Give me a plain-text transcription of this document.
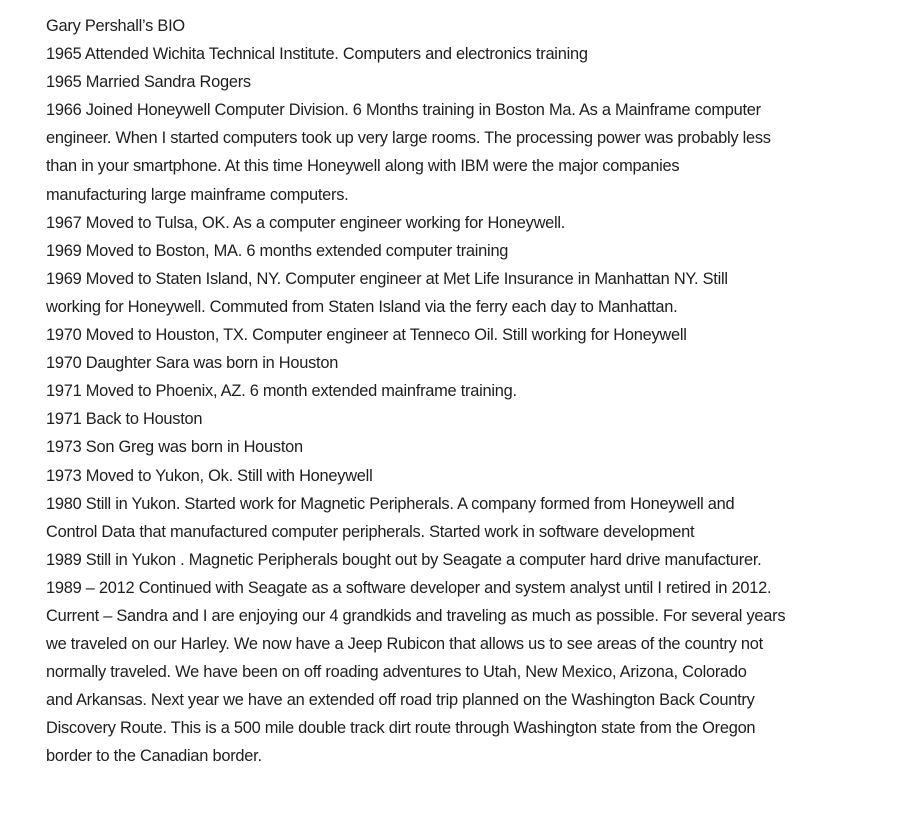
Gary Pershall’s BIO
1965 Attended Wichita Technical Institute. Computers and electronics training
1965 Married Sandra Rogers
1966 Joined Honeywell Computer Division. 6 Months training in Boston Ma. As a Mainframe computer
engineer. When I started computers took up very large rooms. The processing power was probably less
than in your smartphone. At this time Honeywell along with IBM were the major companies
manufacturing large mainframe computers.
1967 Moved to Tulsa, OK. As a computer engineer working for Honeywell.
1969 Moved to Boston, MA. 6 months extended computer training
1969 Moved to Staten Island, NY. Computer engineer at Met Life Insurance in Manhattan NY. Still
working for Honeywell. Commuted from Staten Island via the ferry each day to Manhattan.
1970 Moved to Houston, TX. Computer engineer at Tenneco Oil. Still working for Honeywell
1970 Daughter Sara was born in Houston
1971 Moved to Phoenix, AZ. 6 month extended mainframe training.
1971 Back to Houston
1973 Son Greg was born in Houston
1973 Moved to Yukon, Ok. Still with Honeywell
1980 Still in Yukon. Started work for Magnetic Peripherals. A company formed from Honeywell and
Control Data that manufactured computer peripherals. Started work in software development
1989 Still in Yukon . Magnetic Peripherals bought out by Seagate a computer hard drive manufacturer.
1989 – 2012 Continued with Seagate as a software developer and system analyst until I retired in 2012.
Current – Sandra and I are enjoying our 4 grandkids and traveling as much as possible. For several years
we traveled on our Harley. We now have a Jeep Rubicon that allows us to see areas of the country not
normally traveled. We have been on off roading adventures to Utah, New Mexico, Arizona, Colorado
and Arkansas. Next year we have an extended off road trip planned on the Washington Back Country
Discovery Route. This is a 500 mile double track dirt route through Washington state from the Oregon
border to the Canadian border.
